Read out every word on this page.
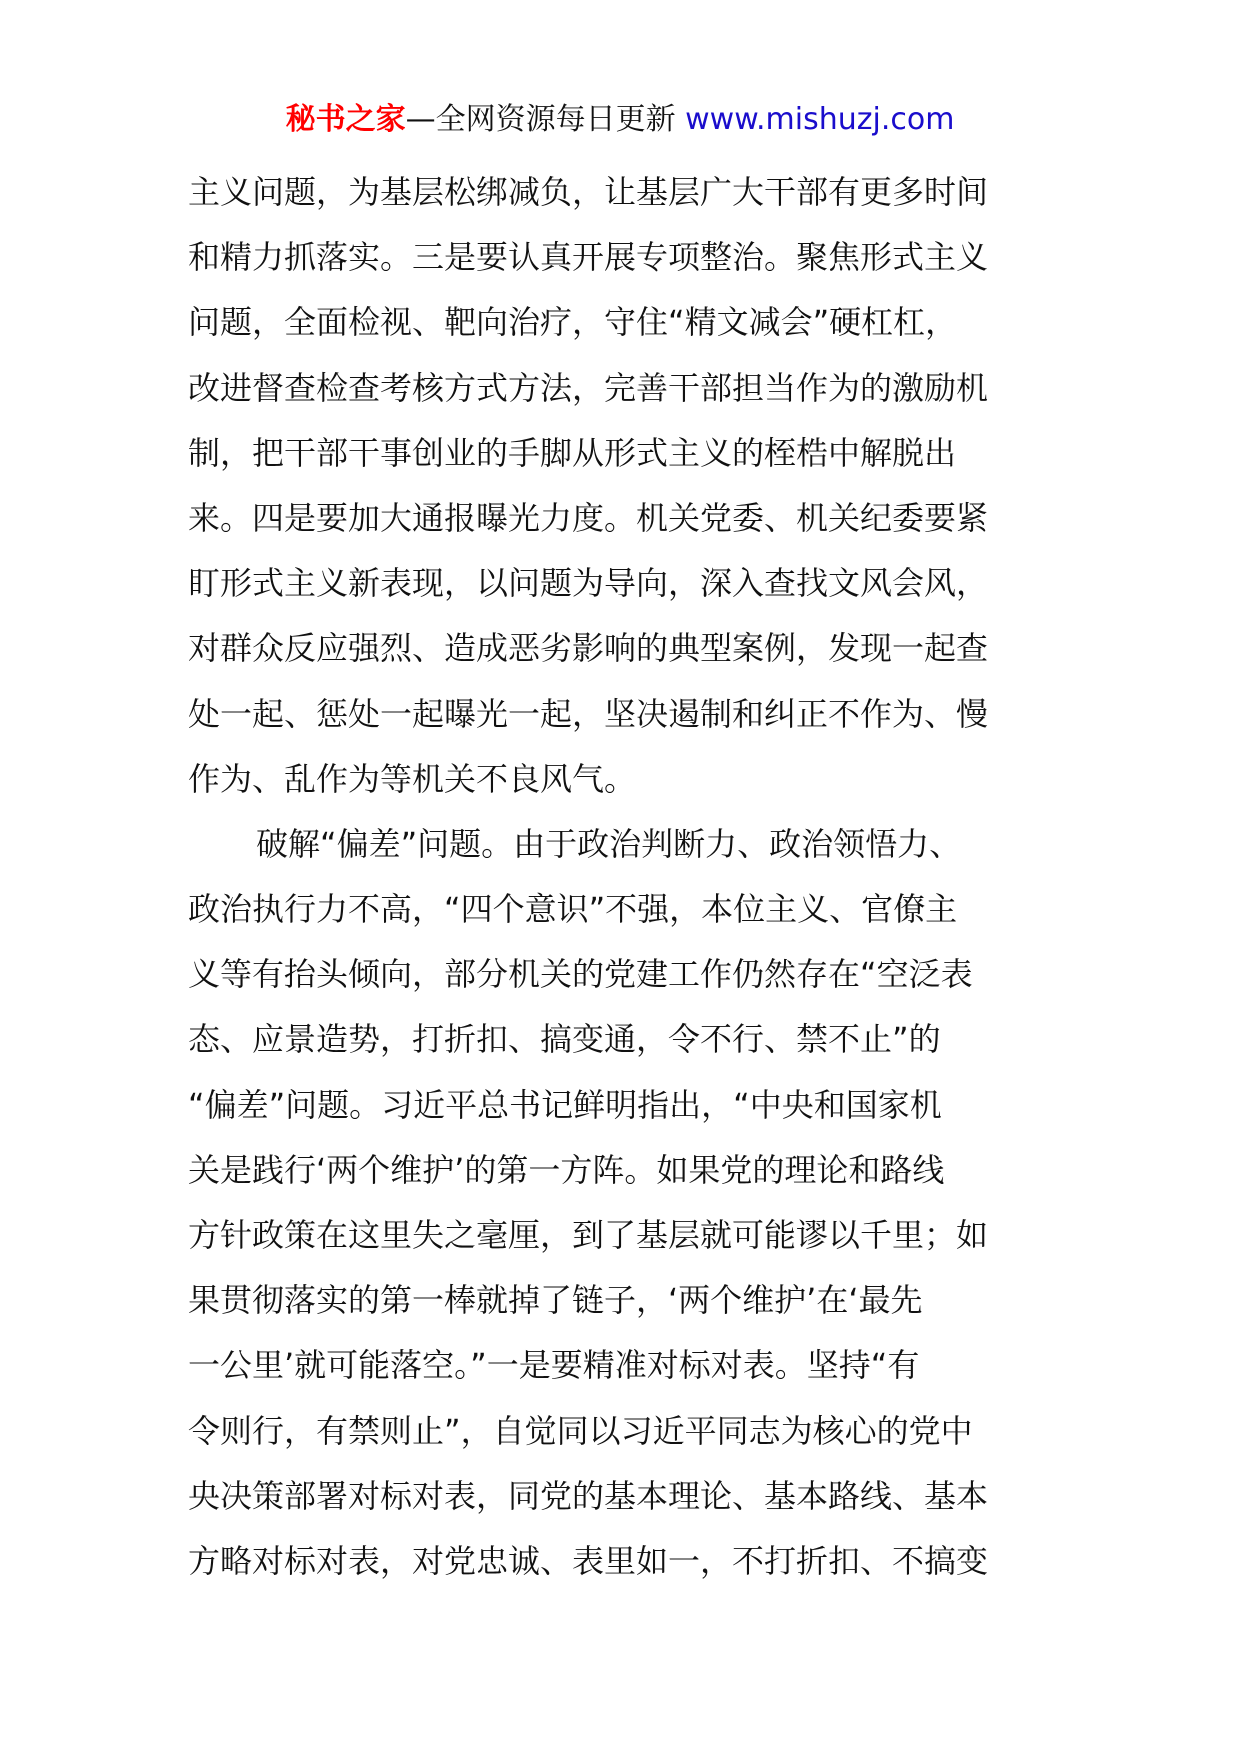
秘书之家—全网资源每日更新 www.mishuzj.com
主义问题，为基层松绑减负，让基层广大干部有更多时间
和精力抓落实。三是要认真开展专项整治。聚焦形式主义
问题，全面检视、靶向治疗，守住“精文减会”硬杠杠，
改进督查检查考核方式方法，完善干部担当作为的激励机
制，把干部干事创业的手脚从形式主义的桎梏中解脱出
来。四是要加大通报曝光力度。机关党委、机关纪委要紧
盯形式主义新表现，以问题为导向，深入查找文风会风，
对群众反应强烈、造成恶劣影响的典型案例，发现一起查
处一起、惩处一起曝光一起，坚决遏制和纠正不作为、慢
作为、乱作为等机关不良风气。
破解“偏差”问题。由于政治判断力、政治领悟力、
政治执行力不高，“四个意识”不强，本位主义、官僚主
义等有抬头倾向，部分机关的党建工作仍然存在“空泛表
态、应景造势，打折扣、搞变通，令不行、禁不止”的
“偏差”问题。习近平总书记鲜明指出，“中央和国家机
关是践行‘两个维护’的第一方阵。如果党的理论和路线
方针政策在这里失之毫厘，到了基层就可能谬以千里；如
果贯彻落实的第一棒就掉了链子，‘两个维护’在‘最先
一公里’就可能落空。”一是要精准对标对表。坚持“有
令则行，有禁则止”，自觉同以习近平同志为核心的党中
央决策部署对标对表，同党的基本理论、基本路线、基本
方略对标对表，对党忠诚、表里如一，不打折扣、不搞变
